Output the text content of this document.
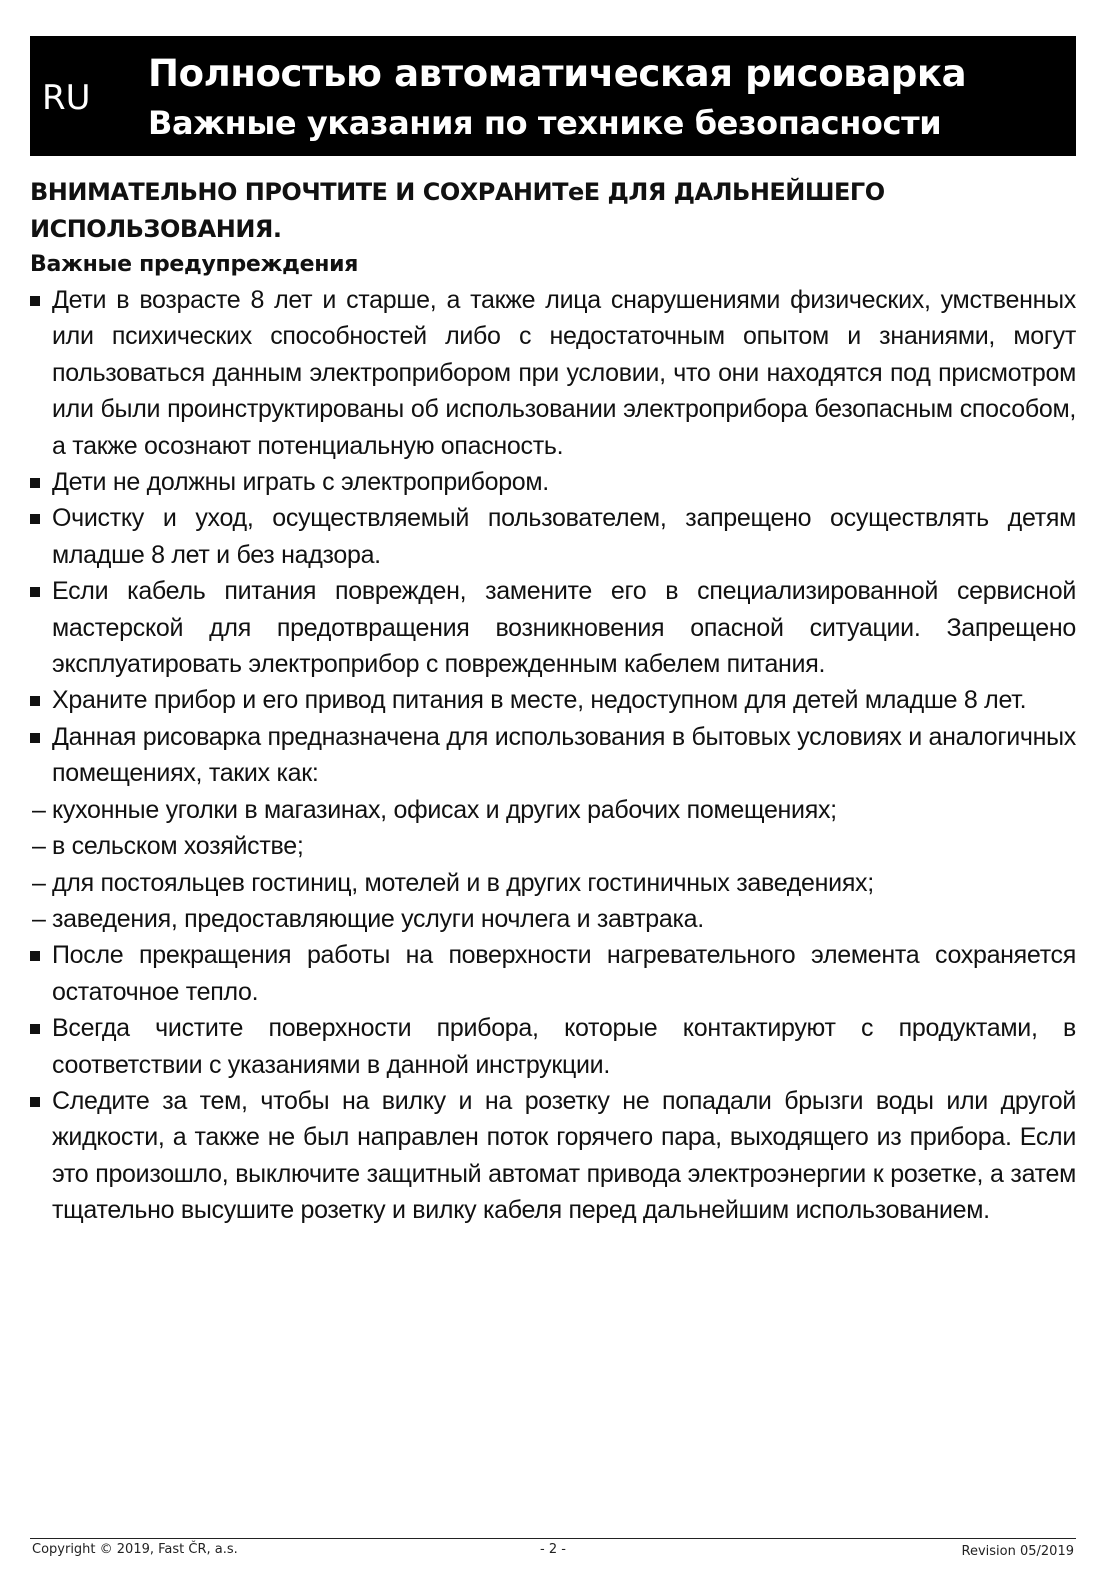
RU
Полностью автоматическая рисоварка
Важные указания по технике безопасности
ВНИМАТЕЛЬНО ПРОЧТИТЕ И СОХРАНИТеЕ ДЛЯ ДАЛЬНЕЙШЕГО ИСПОЛЬЗОВАНИЯ.
Важные предупреждения
Дети в возрасте 8 лет и старше, а также лица снарушениями физических, умственных или психических способностей либо с недостаточным опытом и знаниями, могут пользоваться данным электроприбором при условии, что они находятся под присмотром или были проинструктированы об использовании электроприбора безопасным способом, а также осознают потенциальную опасность.
Дети не должны играть с электроприбором.
Очистку и уход, осуществляемый пользователем, запрещено осуществлять детям младше 8 лет и без надзора.
Если кабель питания поврежден, замените его в специализированной сервисной мастерской для предотвращения возникновения опасной ситуации. Запрещено эксплуатировать электроприбор с поврежденным кабелем питания.
Храните прибор и его привод питания в месте, недоступном для детей младше 8 лет.
Данная рисоварка предназначена для использования в бытовых условиях и аналогичных помещениях, таких как:
– кухонные уголки в магазинах, офисах и других рабочих помещениях;
– в сельском хозяйстве;
– для постояльцев гостиниц, мотелей и в других гостиничных заведениях;
– заведения, предоставляющие услуги ночлега и завтрака.
После прекращения работы на поверхности нагревательного элемента сохраняется остаточное тепло.
Всегда чистите поверхности прибора, которые контактируют с продуктами, в соответствии с указаниями в данной инструкции.
Следите за тем, чтобы на вилку и на розетку не попадали брызги воды или другой жидкости, а также не был направлен поток горячего пара, выходящего из прибора. Если это произошло, выключите защитный автомат привода электроэнергии к розетке, а затем тщательно высушите розетку и вилку кабеля перед дальнейшим использованием.
Copyright © 2019, Fast ČR, a.s.	- 2 -	Revision 05/2019
